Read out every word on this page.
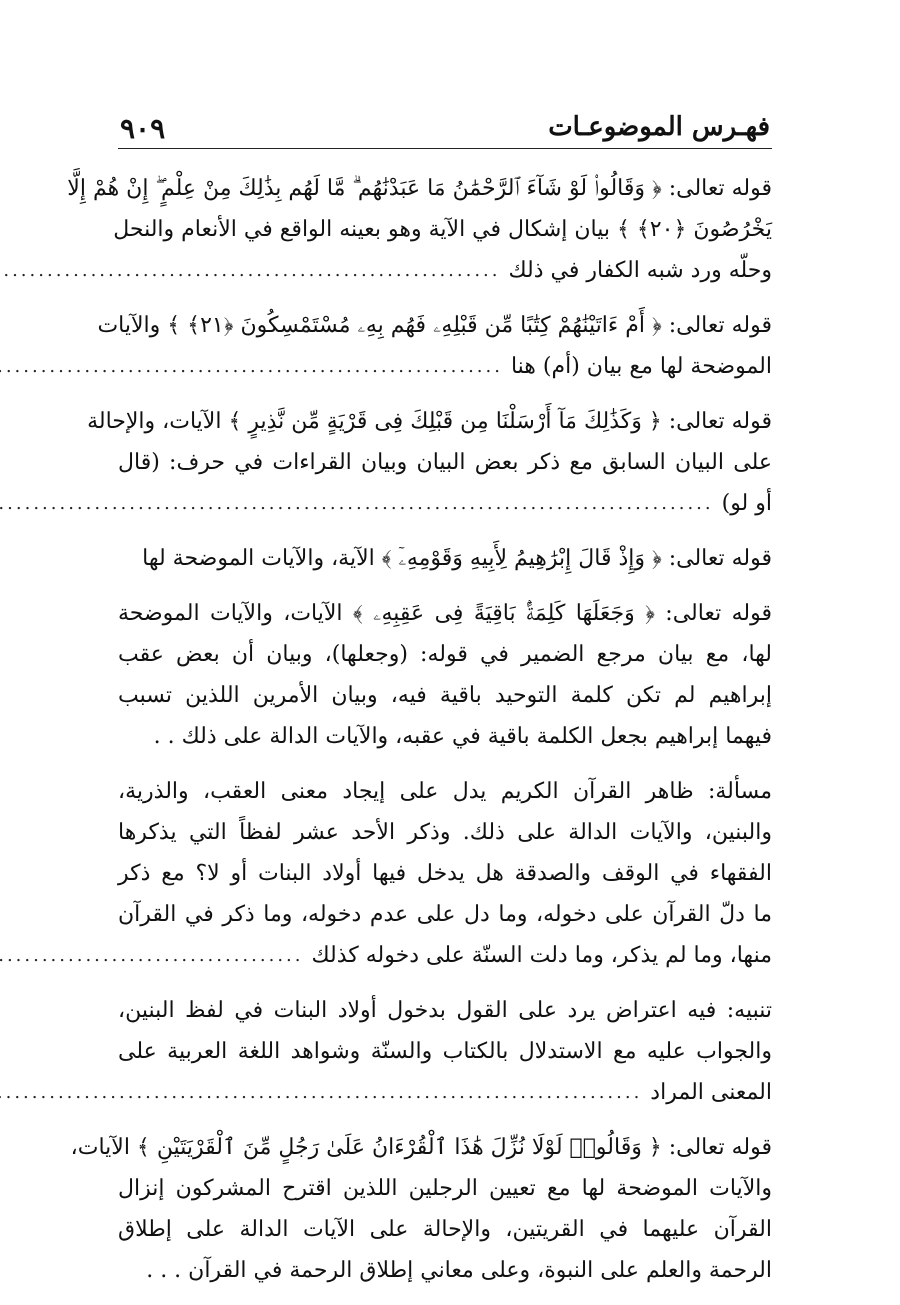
فهـرس الموضوعـات
٩٠٩
قوله تعالى: ﴿ وَقَالُوا۟ لَوْ شَآءَ ٱلرَّحْمَٰنُ مَا عَبَدْنَٰهُم ۗ مَّا لَهُم بِذَٰلِكَ مِنْ عِلْمٍ ۖ إِنْ هُمْ إِلَّا
يَخْرُصُونَ ﴿٢٠﴾ ﴾ بيان إشكال في الآية وهو بعينه الواقع في الأنعام والنحل
وحلّه ورد شبه الكفار في ذلك
.....
قوله تعالى: ﴿ أَمْ ءَاتَيْنَٰهُمْ كِتَٰبًا مِّن قَبْلِهِۦ فَهُم بِهِۦ مُسْتَمْسِكُونَ ﴿٢١﴾ ﴾ والآيات
الموضحة لها مع بيان (أم) هنا
.....
قوله تعالى: ﴿ وَكَذَٰلِكَ مَآ أَرْسَلْنَا مِن قَبْلِكَ فِى قَرْيَةٍ مِّن نَّذِيرٍ ﴾ الآيات، والإحالة
على البيان السابق مع ذكر بعض البيان وبيان القراءات في حرف: (قال
أو لو)
.....
قوله تعالى: ﴿ وَإِذْ قَالَ إِبْرَٰهِيمُ لِأَبِيهِ وَقَوْمِهِۦٓ ﴾ الآية، والآيات الموضحة لها
قوله تعالى: ﴿ وَجَعَلَهَا كَلِمَةًۢ بَاقِيَةً فِى عَقِبِهِۦ ﴾ الآيات، والآيات الموضحة
لها، مع بيان مرجع الضمير في قوله: (وجعلها)، وبيان أن بعض عقب
إبراهيم لم تكن كلمة التوحيد باقية فيه، وبيان الأمرين اللذين تسبب
فيهما إبراهيم بجعل الكلمة باقية في عقبه، والآيات الدالة على ذلك . .
مسألة: ظاهر القرآن الكريم يدل على إيجاد معنى العقب، والذرية،
والبنين، والآيات الدالة على ذلك. وذكر الأحد عشر لفظاً التي يذكرها
الفقهاء في الوقف والصدقة هل يدخل فيها أولاد البنات أو لا؟ مع ذكر
ما دلّ القرآن على دخوله، وما دل على عدم دخوله، وما ذكر في القرآن
منها، وما لم يذكر، وما دلت السنّة على دخوله كذلك
.....
تنبيه: فيه اعتراض يرد على القول بدخول أولاد البنات في لفظ البنين،
والجواب عليه مع الاستدلال بالكتاب والسنّة وشواهد اللغة العربية على
المعنى المراد
.....
قوله تعالى: ﴿ وَقَالُوا۟ لَوْلَا نُزِّلَ هَٰذَا ٱلْقُرْءَانُ عَلَىٰ رَجُلٍ مِّنَ ٱلْقَرْيَتَيْنِ ﴾ الآيات،
والآيات الموضحة لها مع تعيين الرجلين اللذين اقترح المشركون إنزال
القرآن عليهما في القريتين، والإحالة على الآيات الدالة على إطلاق
الرحمة والعلم على النبوة، وعلى معاني إطلاق الرحمة في القرآن . . .
